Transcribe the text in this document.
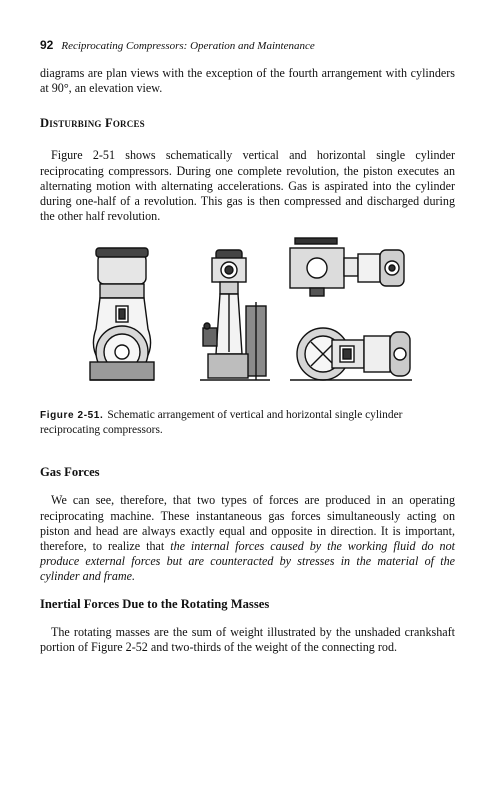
92 Reciprocating Compressors: Operation and Maintenance

diagrams are plan views with the exception of the fourth arrangement with cylinders at 90°, an elevation view.

Disturbing Forces

Figure 2-51 shows schematically vertical and horizontal single cylinder reciprocating compressors. During one complete revolution, the piston executes an alternating motion with alternating accelerations. Gas is aspirated into the cylinder during one-half of a revolution. This gas is then compressed and discharged during the other half revolution.

Figure 2-51. Schematic arrangement of vertical and horizontal single cylinder reciprocating compressors.

Gas Forces

We can see, therefore, that two types of forces are produced in an operating reciprocating machine. These instantaneous gas forces simultaneously acting on piston and head are always exactly equal and opposite in direction. It is important, therefore, to realize that the internal forces caused by the working fluid do not produce external forces but are counteracted by stresses in the material of the cylinder and frame.

Inertial Forces Due to the Rotating Masses

The rotating masses are the sum of weight illustrated by the unshaded crankshaft portion of Figure 2-52 and two-thirds of the weight of the connecting rod.
